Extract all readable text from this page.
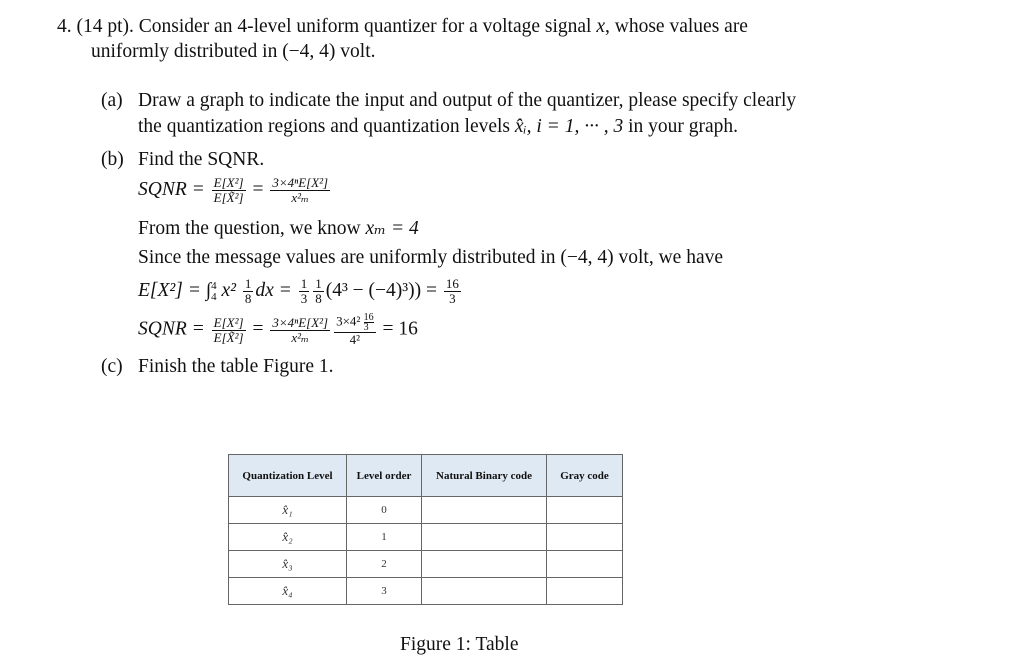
4. (14 pt). Consider an 4-level uniform quantizer for a voltage signal x, whose values are
uniformly distributed in (−4, 4) volt.
(a) Draw a graph to indicate the input and output of the quantizer, please specify clearly
the quantization regions and quantization levels x̂ᵢ, i = 1, ··· , 3 in your graph.
(b) Find the SQNR.
SQNR = $\frac{\text{E[X²]}}{\text{E[X̃²]}} = \frac{\text{3×4ⁿE[X²]}}{\text{x²ₘ}}$
From the question, we know xₘ = 4
Since the message values are uniformly distributed in (−4, 4) volt, we have
E[X²] = ∫ 4
4 $x^2 \frac{1}{8}$ dx = $\frac{1}{3} \frac{1}{8} (4^3 - (-4)^3)) = \frac{16}{3}$
SQNR = $\frac{\text{E[X²]}}{\text{E[X̃²]}} = \frac{\text{3×4ⁿE[X²]}}{\text{x²ₘ}} \frac{3\times 4^2 \frac{16}{3}}{\text{4²}} = 16$
(c) Finish the table Figure 1.
Quantization Level	Level order	Natural Binary code	Gray code
x̂₁	0		
x̂₂	1		
x̂₃	2		
x̂₄	3		
Figure 1: Table
